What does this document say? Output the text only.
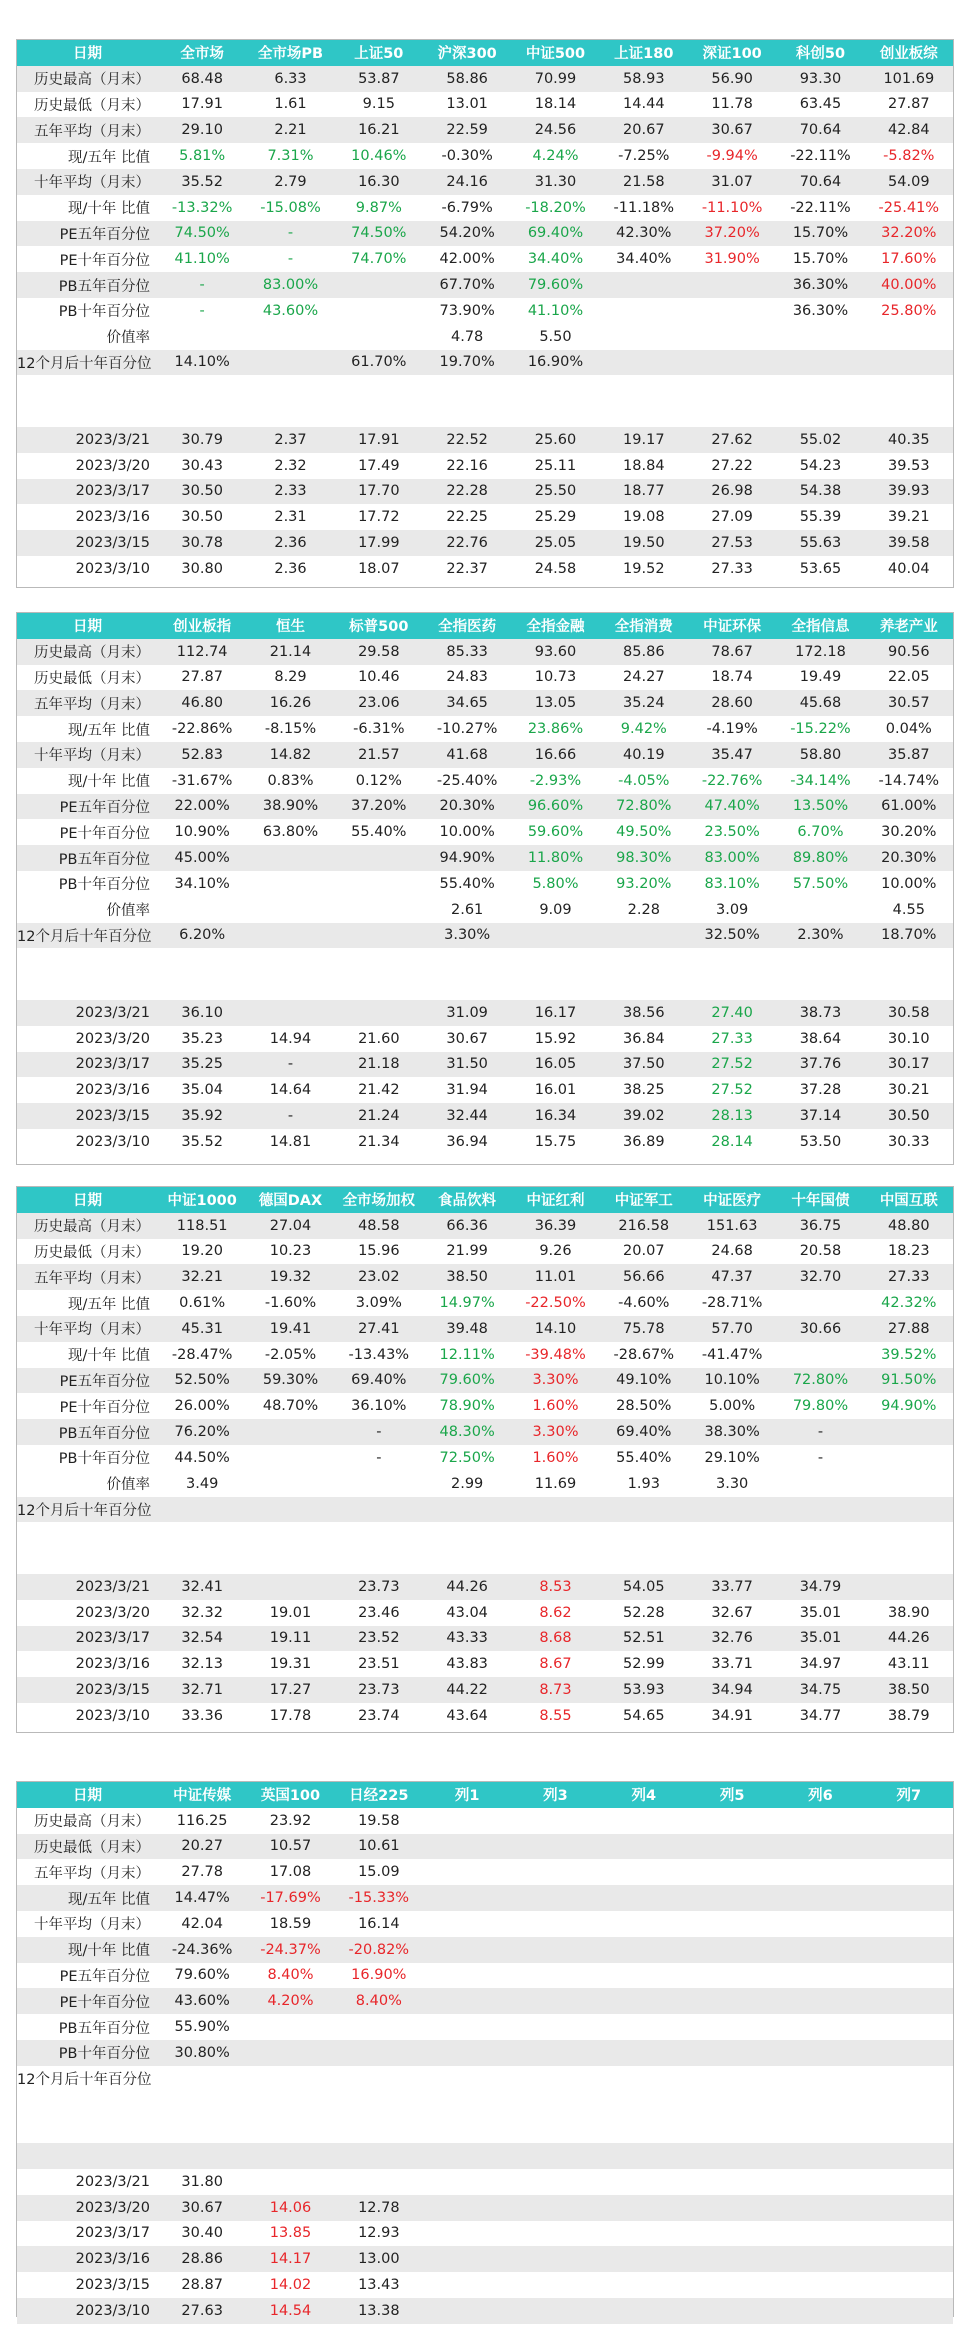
日期	全市场	全市场PB	上证50	沪深300	中证500	上证180	深证100	科创50	创业板综
历史最高（月末）	68.48	6.33	53.87	58.86	70.99	58.93	56.90	93.30	101.69
历史最低（月末）	17.91	1.61	9.15	13.01	18.14	14.44	11.78	63.45	27.87
五年平均（月末）	29.10	2.21	16.21	22.59	24.56	20.67	30.67	70.64	42.84
现/五年 比值	5.81%	7.31%	10.46%	-0.30%	4.24%	-7.25%	-9.94%	-22.11%	-5.82%
十年平均（月末）	35.52	2.79	16.30	24.16	31.30	21.58	31.07	70.64	54.09
现/十年 比值	-13.32%	-15.08%	9.87%	-6.79%	-18.20%	-11.18%	-11.10%	-22.11%	-25.41%
PE五年百分位	74.50%	-	74.50%	54.20%	69.40%	42.30%	37.20%	15.70%	32.20%
PE十年百分位	41.10%	-	74.70%	42.00%	34.40%	34.40%	31.90%	15.70%	17.60%
PB五年百分位	-	83.00%		67.70%	79.60%			36.30%	40.00%
PB十年百分位	-	43.60%		73.90%	41.10%			36.30%	25.80%
价值率				4.78	5.50				
12个月后十年百分位	14.10%		61.70%	19.70%	16.90%				

2023/3/21	30.79	2.37	17.91	22.52	25.60	19.17	27.62	55.02	40.35
2023/3/20	30.43	2.32	17.49	22.16	25.11	18.84	27.22	54.23	39.53
2023/3/17	30.50	2.33	17.70	22.28	25.50	18.77	26.98	54.38	39.93
2023/3/16	30.50	2.31	17.72	22.25	25.29	19.08	27.09	55.39	39.21
2023/3/15	30.78	2.36	17.99	22.76	25.05	19.50	27.53	55.63	39.58
2023/3/10	30.80	2.36	18.07	22.37	24.58	19.52	27.33	53.65	40.04
日期	创业板指	恒生	标普500	全指医药	全指金融	全指消费	中证环保	全指信息	养老产业
历史最高（月末）	112.74	21.14	29.58	85.33	93.60	85.86	78.67	172.18	90.56
历史最低（月末）	27.87	8.29	10.46	24.83	10.73	24.27	18.74	19.49	22.05
五年平均（月末）	46.80	16.26	23.06	34.65	13.05	35.24	28.60	45.68	30.57
现/五年 比值	-22.86%	-8.15%	-6.31%	-10.27%	23.86%	9.42%	-4.19%	-15.22%	0.04%
十年平均（月末）	52.83	14.82	21.57	41.68	16.66	40.19	35.47	58.80	35.87
现/十年 比值	-31.67%	0.83%	0.12%	-25.40%	-2.93%	-4.05%	-22.76%	-34.14%	-14.74%
PE五年百分位	22.00%	38.90%	37.20%	20.30%	96.60%	72.80%	47.40%	13.50%	61.00%
PE十年百分位	10.90%	63.80%	55.40%	10.00%	59.60%	49.50%	23.50%	6.70%	30.20%
PB五年百分位	45.00%			94.90%	11.80%	98.30%	83.00%	89.80%	20.30%
PB十年百分位	34.10%			55.40%	5.80%	93.20%	83.10%	57.50%	10.00%
价值率				2.61	9.09	2.28	3.09		4.55
12个月后十年百分位	6.20%			3.30%			32.50%	2.30%	18.70%

2023/3/21	36.10			31.09	16.17	38.56	27.40	38.73	30.58
2023/3/20	35.23	14.94	21.60	30.67	15.92	36.84	27.33	38.64	30.10
2023/3/17	35.25	-	21.18	31.50	16.05	37.50	27.52	37.76	30.17
2023/3/16	35.04	14.64	21.42	31.94	16.01	38.25	27.52	37.28	30.21
2023/3/15	35.92	-	21.24	32.44	16.34	39.02	28.13	37.14	30.50
2023/3/10	35.52	14.81	21.34	36.94	15.75	36.89	28.14	53.50	30.33
日期	中证1000	德国DAX	全市场加权	食品饮料	中证红利	中证军工	中证医疗	十年国债	中国互联
历史最高（月末）	118.51	27.04	48.58	66.36	36.39	216.58	151.63	36.75	48.80
历史最低（月末）	19.20	10.23	15.96	21.99	9.26	20.07	24.68	20.58	18.23
五年平均（月末）	32.21	19.32	23.02	38.50	11.01	56.66	47.37	32.70	27.33
现/五年 比值	0.61%	-1.60%	3.09%	14.97%	-22.50%	-4.60%	-28.71%		42.32%
十年平均（月末）	45.31	19.41	27.41	39.48	14.10	75.78	57.70	30.66	27.88
现/十年 比值	-28.47%	-2.05%	-13.43%	12.11%	-39.48%	-28.67%	-41.47%		39.52%
PE五年百分位	52.50%	59.30%	69.40%	79.60%	3.30%	49.10%	10.10%	72.80%	91.50%
PE十年百分位	26.00%	48.70%	36.10%	78.90%	1.60%	28.50%	5.00%	79.80%	94.90%
PB五年百分位	76.20%		-	48.30%	3.30%	69.40%	38.30%	-	
PB十年百分位	44.50%		-	72.50%	1.60%	55.40%	29.10%	-	
价值率	3.49			2.99	11.69	1.93	3.30		
12个月后十年百分位									

2023/3/21	32.41		23.73	44.26	8.53	54.05	33.77	34.79	
2023/3/20	32.32	19.01	23.46	43.04	8.62	52.28	32.67	35.01	38.90
2023/3/17	32.54	19.11	23.52	43.33	8.68	52.51	32.76	35.01	44.26
2023/3/16	32.13	19.31	23.51	43.83	8.67	52.99	33.71	34.97	43.11
2023/3/15	32.71	17.27	23.73	44.22	8.73	53.93	34.94	34.75	38.50
2023/3/10	33.36	17.78	23.74	43.64	8.55	54.65	34.91	34.77	38.79
日期	中证传媒	英国100	日经225	列1	列3	列4	列5	列6	列7
历史最高（月末）	116.25	23.92	19.58						
历史最低（月末）	20.27	10.57	10.61						
五年平均（月末）	27.78	17.08	15.09						
现/五年 比值	14.47%	-17.69%	-15.33%						
十年平均（月末）	42.04	18.59	16.14						
现/十年 比值	-24.36%	-24.37%	-20.82%						
PE五年百分位	79.60%	8.40%	16.90%						
PE十年百分位	43.60%	4.20%	8.40%						
PB五年百分位	55.90%								
PB十年百分位	30.80%								
12个月后十年百分位									

2023/3/21	31.80								
2023/3/20	30.67	14.06	12.78						
2023/3/17	30.40	13.85	12.93						
2023/3/16	28.86	14.17	13.00						
2023/3/15	28.87	14.02	13.43						
2023/3/10	27.63	14.54	13.38						
